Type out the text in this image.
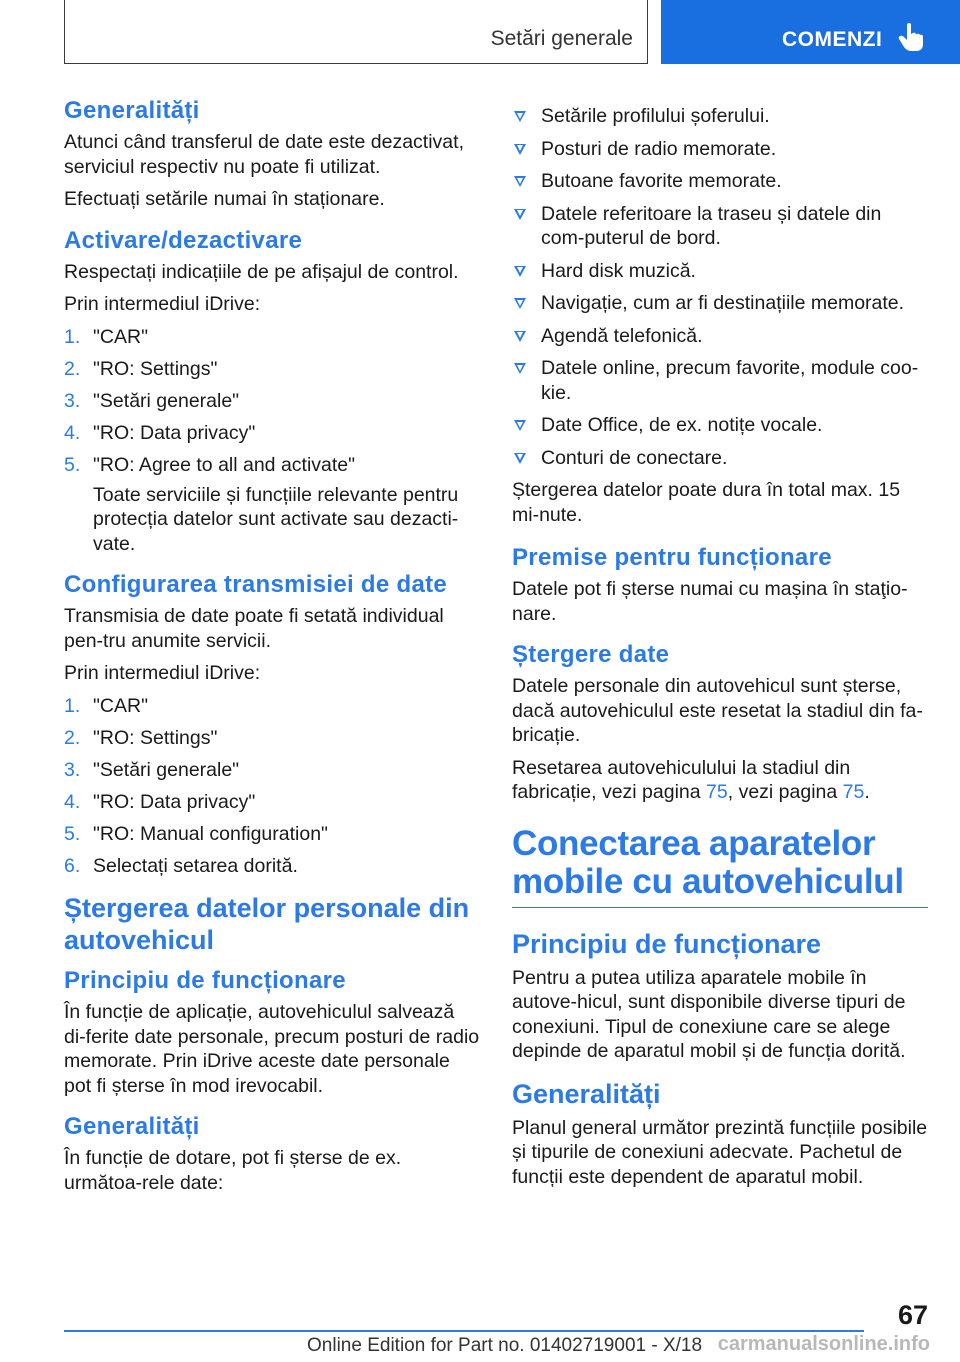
Setări generale	COMENZI
Generalități

Atunci când transferul de date este dezactivat, serviciul respectiv nu poate fi utilizat.

Efectuați setările numai în staționare.

Activare/dezactivare

Respectați indicațiile de pe afișajul de control.

Prin intermediul iDrive:

1. "CAR"
2. "RO: Settings"
3. "Setări generale"
4. "RO: Data privacy"
5. "RO: Agree to all and activate"

Toate serviciile și funcțiile relevante pentru protecția datelor sunt activate sau dezacti‐vate.

Configurarea transmisiei de date

Transmisia de date poate fi setată individual pen‐tru anumite servicii.

Prin intermediul iDrive:

1. "CAR"
2. "RO: Settings"
3. "Setări generale"
4. "RO: Data privacy"
5. "RO: Manual configuration"
6. Selectați setarea dorită.
Ștergerea datelor personale din autovehicul
Principiu de funcționare

În funcție de aplicație, autovehiculul salvează di‐ferite date personale, precum posturi de radio memorate. Prin iDrive aceste date personale pot fi șterse în mod irevocabil.

Generalități

În funcție de dotare, pot fi șterse de ex. următoa‐rele date:

Setările profilului șoferului.
Posturi de radio memorate.
Butoane favorite memorate.
Datele referitoare la traseu și datele din com‐puterul de bord.
Hard disk muzică.
Navigație, cum ar fi destinațiile memorate.
Agendă telefonică.
Datele online, precum favorite, module coo‐kie.
Date Office, de ex. notițe vocale.
Conturi de conectare.

Ștergerea datelor poate dura în total max. 15 mi‐nute.

Premise pentru funcționare

Datele pot fi șterse numai cu mașina în staţio‐nare.

Ștergere date

Datele personale din autovehicul sunt șterse, dacă autovehiculul este resetat la stadiul din fa‐bricație.

Resetarea autovehiculului la stadiul din fabricație, vezi pagina 75, vezi pagina 75.

Conectarea aparatelor mobile cu autovehiculul
Principiu de funcționare

Pentru a putea utiliza aparatele mobile în autove‐hicul, sunt disponibile diverse tipuri de conexiuni. Tipul de conexiune care se alege depinde de aparatul mobil și de funcția dorită.

Generalități

Planul general următor prezintă funcțiile posibile și tipurile de conexiuni adecvate. Pachetul de funcții este dependent de aparatul mobil.

67
Online Edition for Part no. 01402719001 - X/18 carmanualsonline.info
